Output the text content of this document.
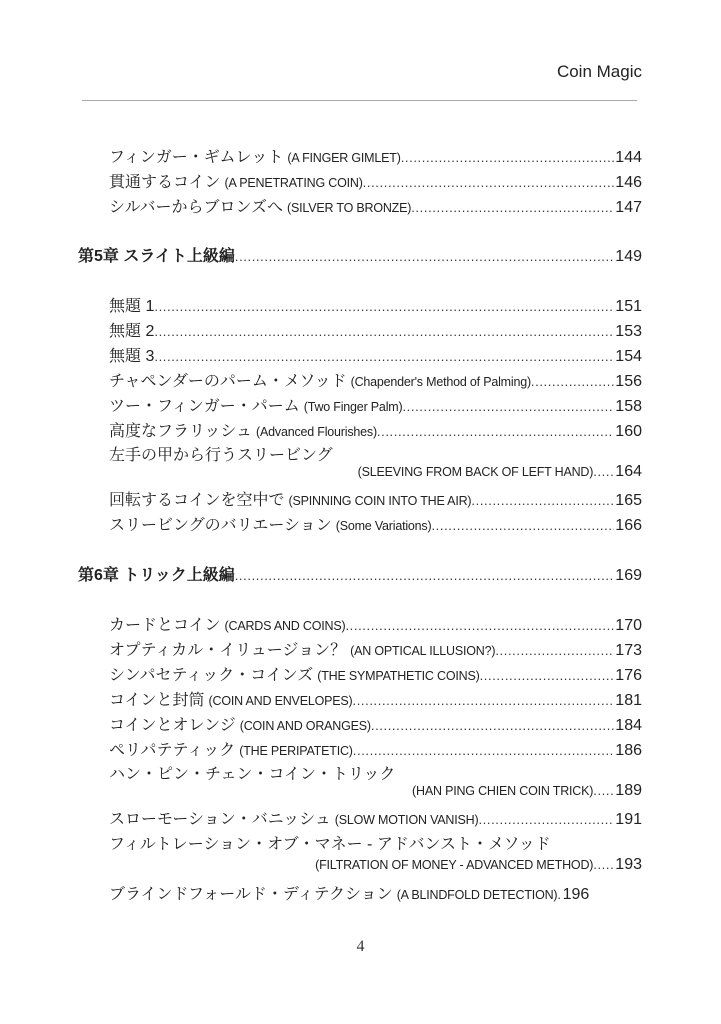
Coin Magic
フィンガー・ギムレット (A FINGER GIMLET) .....	144
貫通するコイン (A PENETRATING COIN) .....	146
シルバーからブロンズへ (SILVER TO BRONZE) .....	147
第5章 スライト上級編 .....	149
無題 1 .....	151
無題 2 .....	153
無題 3 .....	154
チャペンダーのパーム・メソッド (Chapender's Method of Palming) .....	156
ツー・フィンガー・パーム (Two Finger Palm) .....	158
高度なフラリッシュ (Advanced Flourishes) .....	160
左手の甲から行うスリービング
(SLEEVING FROM BACK OF LEFT HAND) ..... 164
回転するコインを空中で (SPINNING COIN INTO THE AIR) .....	165
スリービングのバリエーション (Some Variations) .....	166
第6章 トリック上級編 .....	169
カードとコイン (CARDS AND COINS) .....	170
オプティカル・イリュージョン？ (AN OPTICAL ILLUSION?) .....	173
シンパセティック・コインズ (THE SYMPATHETIC COINS) .....	176
コインと封筒 (COIN AND ENVELOPES) .....	181
コインとオレンジ (COIN AND ORANGES) .....	184
ペリパテティック (THE PERIPATETIC) .....	186
ハン・ピン・チェン・コイン・トリック
(HAN PING CHIEN COIN TRICK) ..... 189
スローモーション・バニッシュ (SLOW MOTION VANISH) .....	191
フィルトレーション・オブ・マネー - アドバンスト・メソッド
(FILTRATION OF MONEY - ADVANCED METHOD) ..... 193
ブラインドフォールド・ディテクション (A BLINDFOLD DETECTION) . 196
4
